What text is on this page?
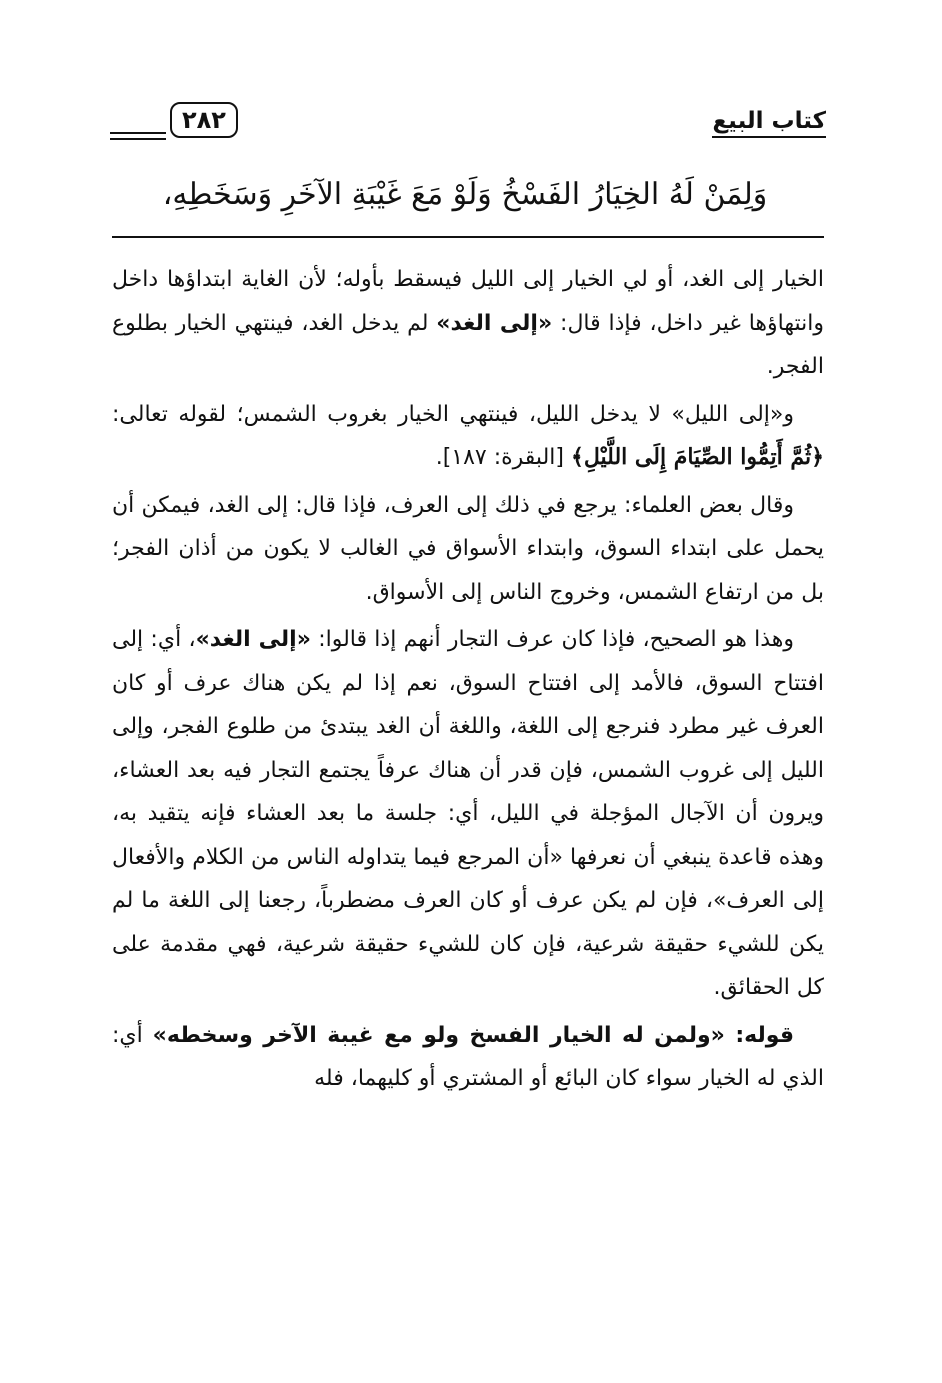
٢٨٢	كتاب البيع
وَلِمَنْ لَهُ الخِيَارُ الفَسْخُ وَلَوْ مَعَ غَيْبَةِ الآخَرِ وَسَخَطِهِ،

الخيار إلى الغد، أو لي الخيار إلى الليل فيسقط بأوله؛ لأن الغاية ابتداؤها داخل وانتهاؤها غير داخل، فإذا قال: «إلى الغد» لم يدخل الغد، فينتهي الخيار بطلوع الفجر.

و«إلى الليل» لا يدخل الليل، فينتهي الخيار بغروب الشمس؛ لقوله تعالى: ﴿ثُمَّ أَتِمُّوا الصِّيَامَ إِلَى اللَّيْلِ﴾ [البقرة: ١٨٧].

وقال بعض العلماء: يرجع في ذلك إلى العرف، فإذا قال: إلى الغد، فيمكن أن يحمل على ابتداء السوق، وابتداء الأسواق في الغالب لا يكون من أذان الفجر؛ بل من ارتفاع الشمس، وخروج الناس إلى الأسواق.

وهذا هو الصحيح، فإذا كان عرف التجار أنهم إذا قالوا: «إلى الغد»، أي: إلى افتتاح السوق، فالأمد إلى افتتاح السوق، نعم إذا لم يكن هناك عرف أو كان العرف غير مطرد فنرجع إلى اللغة، واللغة أن الغد يبتدئ من طلوع الفجر، وإلى الليل إلى غروب الشمس، فإن قدر أن هناك عرفاً يجتمع التجار فيه بعد العشاء، ويرون أن الآجال المؤجلة في الليل، أي: جلسة ما بعد العشاء فإنه يتقيد به، وهذه قاعدة ينبغي أن نعرفها «أن المرجع فيما يتداوله الناس من الكلام والأفعال إلى العرف»، فإن لم يكن عرف أو كان العرف مضطرباً، رجعنا إلى اللغة ما لم يكن للشيء حقيقة شرعية، فإن كان للشيء حقيقة شرعية، فهي مقدمة على كل الحقائق.

قوله: «ولمن له الخيار الفسخ ولو مع غيبة الآخر وسخطه» أي: الذي له الخيار سواء كان البائع أو المشتري أو كليهما، فله
